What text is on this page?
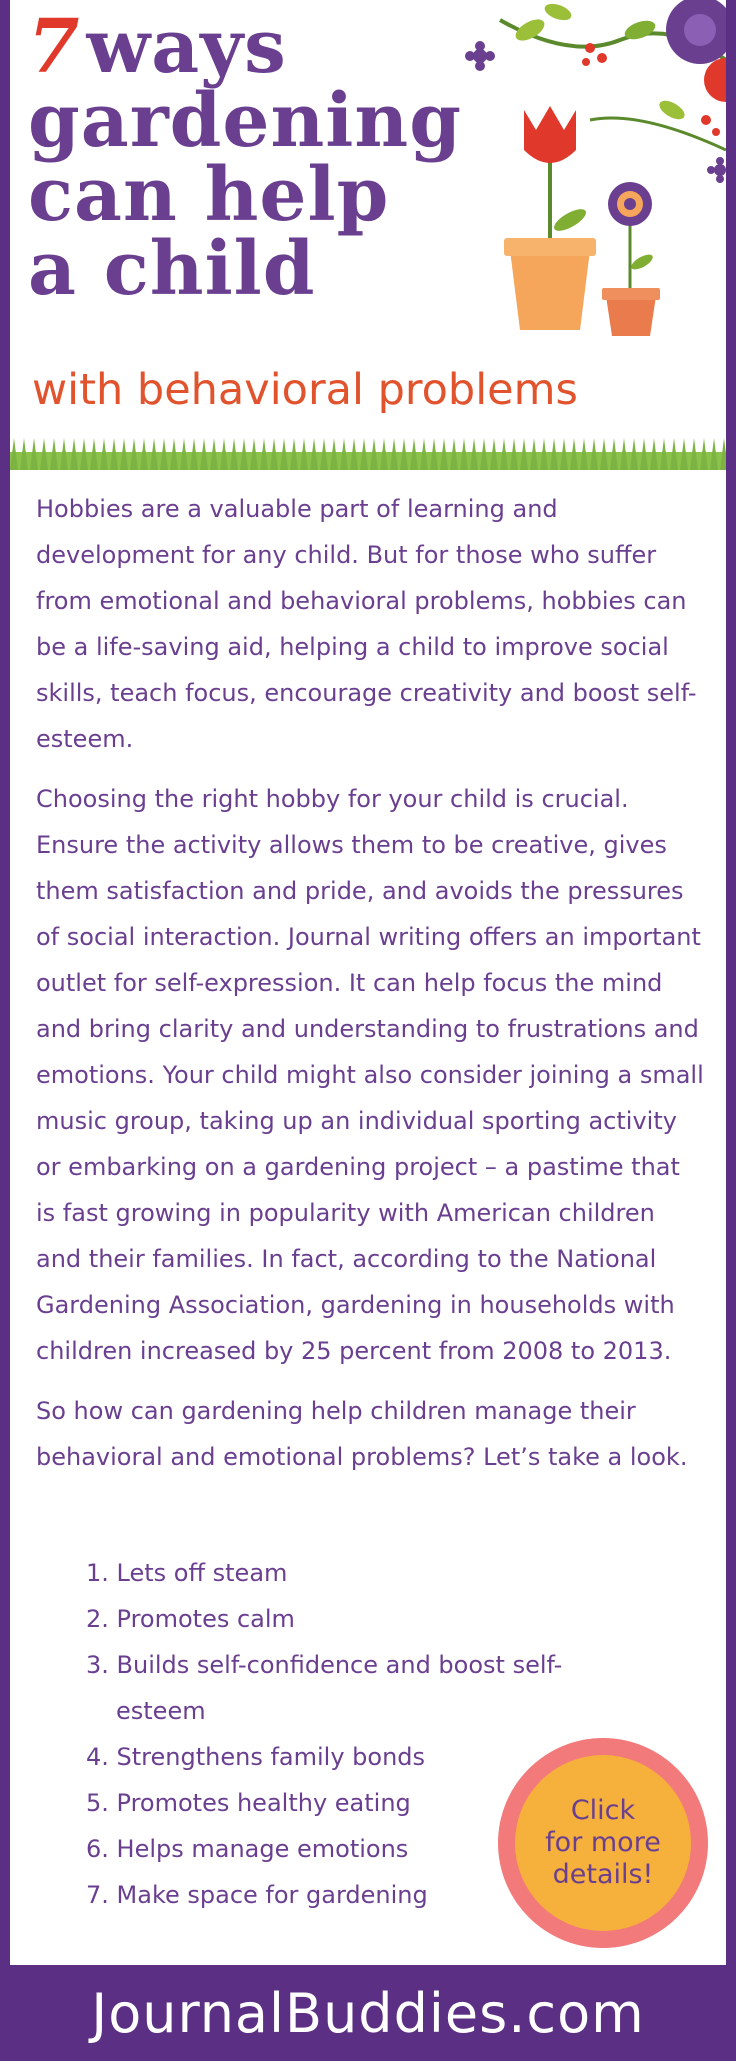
7ways
gardening
can help
a child
with behavioral problems

Hobbies are a valuable part of learning and development for any child. But for those who suffer from emotional and behavioral problems, hobbies can be a life-saving aid, helping a child to improve social skills, teach focus, encourage creativity and boost self-esteem.

Choosing the right hobby for your child is crucial. Ensure the activity allows them to be creative, gives them satisfaction and pride, and avoids the pressures of social interaction. Journal writing offers an important outlet for self-expression. It can help focus the mind and bring clarity and understanding to frustrations and emotions. Your child might also consider joining a small music group, taking up an individual sporting activity or embarking on a gardening project – a pastime that is fast growing in popularity with American children and their families. In fact, according to the National Gardening Association, gardening in households with children increased by 25 percent from 2008 to 2013.

So how can gardening help children manage their behavioral and emotional problems? Let’s take a look.

1. Lets off steam
2. Promotes calm
3. Builds self-confidence and boost self-esteem
4. Strengthens family bonds
5. Promotes healthy eating
6. Helps manage emotions
7. Make space for gardening
Click
for more
details!
JournalBuddies.com
